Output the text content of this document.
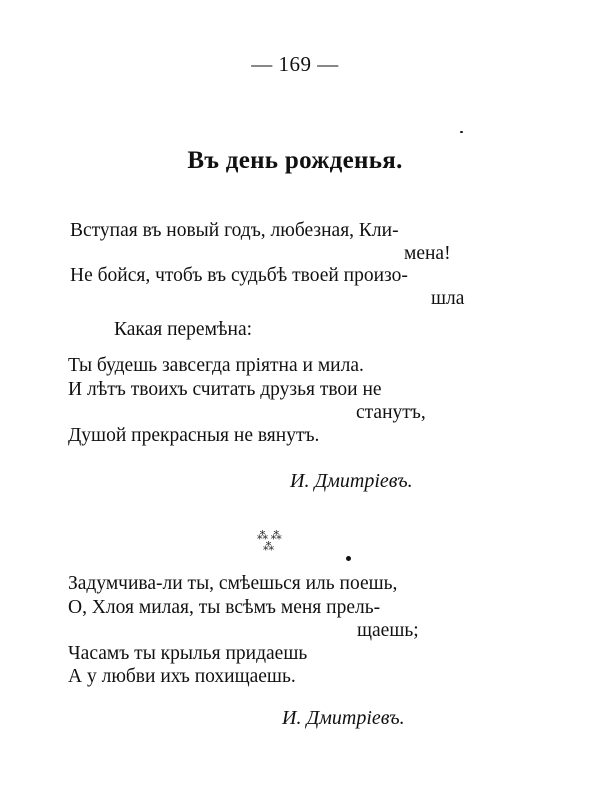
— 169 —
Въ день рожденья.
Вступая въ новый годъ, любезная, Кли-
мена!
Не бойся, чтобъ въ судьбѣ твоей произо-
шла
Какая перемѣна:
Ты будешь завсегда пріятна и мила.
И лѣтъ твоихъ считать друзья твои не
станутъ,
Душой прекрасныя не вянутъ.
И. Дмитріевъ.
⁂ ⁂
⁂
Задумчива-ли ты, смѣешься иль поешь,
О, Хлоя милая, ты всѣмъ меня прель-
щаешь;
Часамъ ты крылья придаешь
А у любви ихъ похищаешь.
И. Дмитріевъ.
